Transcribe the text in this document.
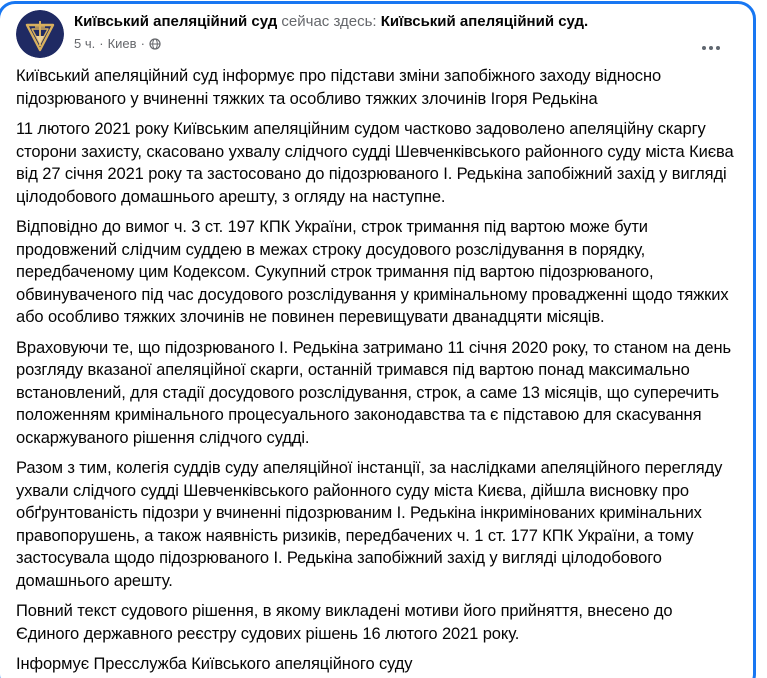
Київський апеляційний суд сейчас здесь: Київський апеляційний суд.
5 ч. · Киев ·

Київський апеляційний суд інформує про підстави зміни запобіжного заходу відносно підозрюваного у вчиненні тяжких та особливо тяжких злочинів Ігоря Редькіна

11 лютого 2021 року Київським апеляційним судом частково задоволено апеляційну скаргу сторони захисту, скасовано ухвалу слідчого судді Шевченківського районного суду міста Києва від 27 січня 2021 року та застосовано до підозрюваного І. Редькіна запобіжний захід у вигляді цілодобового домашнього арешту, з огляду на наступне.

Відповідно до вимог ч. 3 ст. 197 КПК України, строк тримання під вартою може бути продовжений слідчим суддею в межах строку досудового розслідування в порядку, передбаченому цим Кодексом. Сукупний строк тримання під вартою підозрюваного, обвинуваченого під час досудового розслідування у кримінальному провадженні щодо тяжких або особливо тяжких злочинів не повинен перевищувати дванадцяти місяців.

Враховуючи те, що підозрюваного І. Редькіна затримано 11 січня 2020 року, то станом на день розгляду вказаної апеляційної скарги, останній тримався під вартою понад максимально встановлений, для стадії досудового розслідування, строк, а саме 13 місяців, що суперечить положенням кримінального процесуального законодавства та є підставою для скасування оскаржуваного рішення слідчого судді.

Разом з тим, колегія суддів суду апеляційної інстанції, за наслідками апеляційного перегляду ухвали слідчого судді Шевченківського районного суду міста Києва, дійшла висновку про обґрунтованість підозри у вчиненні підозрюваним І. Редькіна інкримінованих кримінальних правопорушень, а також наявність ризиків, передбачених ч. 1 ст. 177 КПК України, а тому застосувала щодо підозрюваного І. Редькіна запобіжний захід у вигляді цілодобового домашнього арешту.

Повний текст судового рішення, в якому викладені мотиви його прийняття, внесено до Єдиного державного реєстру судових рішень 16 лютого 2021 року.

Інформує Пресслужба Київського апеляційного суду
